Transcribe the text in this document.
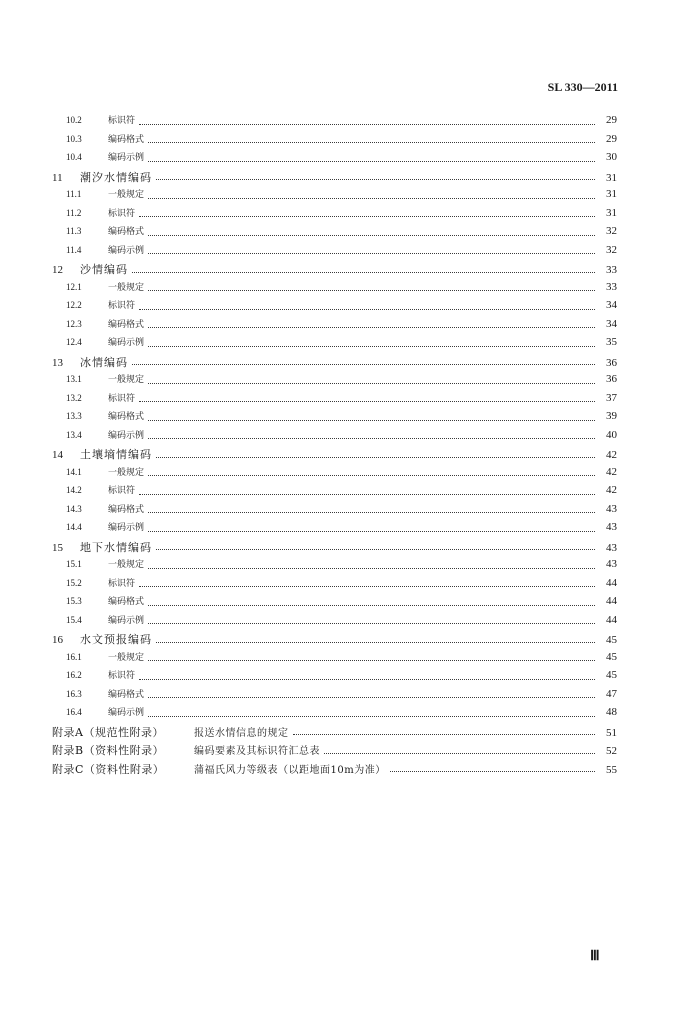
SL 330—2011
10.2	标识符	29
10.3	编码格式	29
10.4	编码示例	30
11	潮汐水情编码	31
11.1	一般规定	31
11.2	标识符	31
11.3	编码格式	32
11.4	编码示例	32
12	沙情编码	33
12.1	一般规定	33
12.2	标识符	34
12.3	编码格式	34
12.4	编码示例	35
13	冰情编码	36
13.1	一般规定	36
13.2	标识符	37
13.3	编码格式	39
13.4	编码示例	40
14	土壤墒情编码	42
14.1	一般规定	42
14.2	标识符	42
14.3	编码格式	43
14.4	编码示例	43
15	地下水情编码	43
15.1	一般规定	43
15.2	标识符	44
15.3	编码格式	44
15.4	编码示例	44
16	水文预报编码	45
16.1	一般规定	45
16.2	标识符	45
16.3	编码格式	47
16.4	编码示例	48
附录A（规范性附录）	报送水情信息的规定	51
附录B（资料性附录）	编码要素及其标识符汇总表	52
附录C（资料性附录）	蒲福氏风力等级表（以距地面10m为准）	55
Ⅲ
